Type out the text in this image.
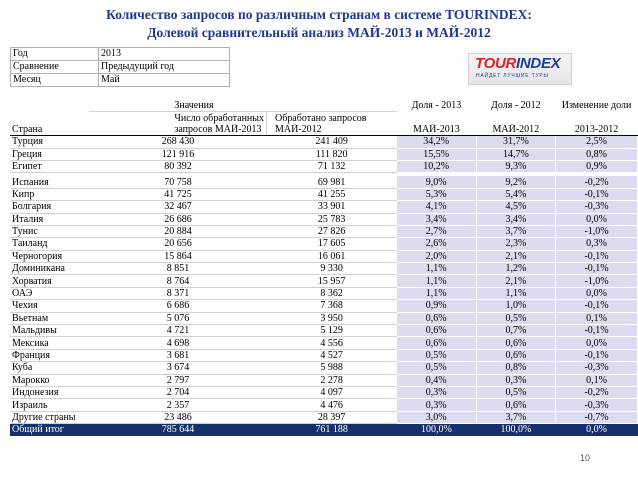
Количество запросов по различным странам в системе TOURINDEX:
Долевой сравнительный анализ МАЙ-2013 и МАЙ-2012
Год	2013
Сравнение	Предыдущий год
Месяц	Май
TOURINDEX
НАЙДЕТ ЛУЧШИЕ ТУРЫ
	Значения		Доля - 2013	Доля - 2012	Изменение доли
	Число обработанных	Обработано запросов			
Страна	запросов МАЙ-2013	МАЙ-2012	МАЙ-2013	МАЙ-2012	2013-2012
Турция	268 430	241 409	34,2%	31,7%	2,5%
Греция	121 916	111 820	15,5%	14,7%	0,8%
Египет	80 392	71 132	10,2%	9,3%	0,9%

Испания	70 758	69 981	9,0%	9,2%	-0,2%
Кипр	41 725	41 255	5,3%	5,4%	-0,1%
Болгария	32 467	33 901	4,1%	4,5%	-0,3%
Италия	26 686	25 783	3,4%	3,4%	0,0%
Тунис	20 884	27 826	2,7%	3,7%	-1,0%
Таиланд	20 656	17 605	2,6%	2,3%	0,3%
Черногория	15 864	16 061	2,0%	2,1%	-0,1%
Доминикана	8 851	9 330	1,1%	1,2%	-0,1%
Хорватия	8 764	15 957	1,1%	2,1%	-1,0%
ОАЭ	8 371	8 362	1,1%	1,1%	0,0%
Чехия	6 686	7 368	0,9%	1,0%	-0,1%
Вьетнам	5 076	3 950	0,6%	0,5%	0,1%
Мальдивы	4 721	5 129	0,6%	0,7%	-0,1%
Мексика	4 698	4 556	0,6%	0,6%	0,0%
Франция	3 681	4 527	0,5%	0,6%	-0,1%
Куба	3 674	5 988	0,5%	0,8%	-0,3%
Марокко	2 797	2 278	0,4%	0,3%	0,1%
Индонезия	2 704	4 097	0,3%	0,5%	-0,2%
Израиль	2 357	4 476	0,3%	0,6%	-0,3%
Другие страны	23 486	28 397	3,0%	3,7%	-0,7%
Общий итог	785 644	761 188	100,0%	100,0%	0,0%
10
